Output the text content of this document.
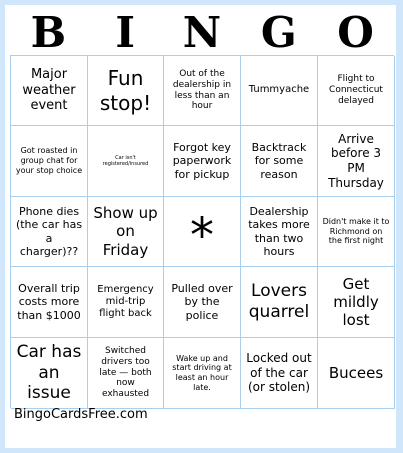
B	I	N G O
Major weather event
Fun stop!
Out of the dealership in less than an hour
Tummyache
Flight to Connecticut delayed
Got roasted in group chat for your stop choice
Car isn't registered/insured
Forgot key paperwork for pickup
Backtrack for some reason
Arrive before 3 PM Thursday
Phone dies (the car has a charger)??
Show up on Friday *	Dealership takes more than two hours
Didn't make it to Richmond on the first night
Overall trip costs more than $1000
Emergency mid-trip flight back
Pulled over by the police
Lovers quarrel
Get mildly lost
Car has an issue
Switched drivers too late — both now exhausted
Wake up and start driving at least an hour late.
Locked out of the car (or stolen)
Bucees
BingoCardsFree.com
